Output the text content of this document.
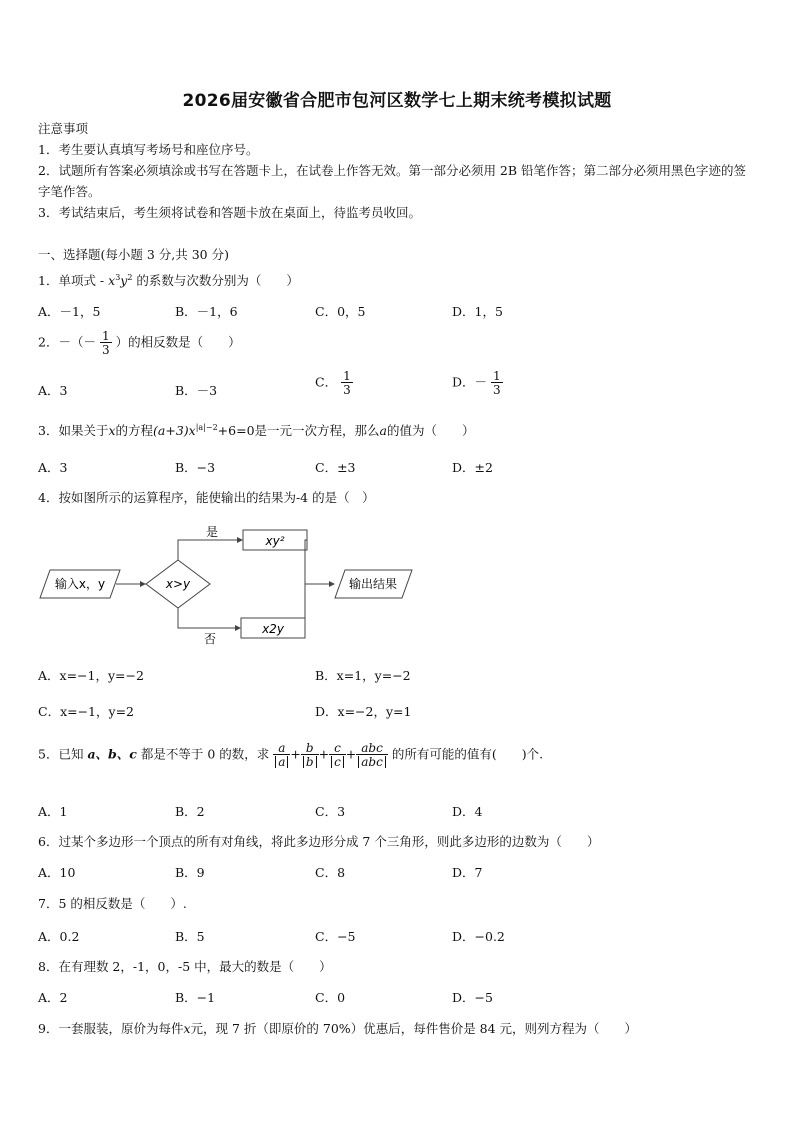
2026届安徽省合肥市包河区数学七上期末统考模拟试题
注意事项
1．考生要认真填写考场号和座位序号。
2．试题所有答案必须填涂或书写在答题卡上，在试卷上作答无效。第一部分必须用 2B 铅笔作答；第二部分必须用黑色字迹的签字笔作答。
3．考试结束后，考生须将试卷和答题卡放在桌面上，待监考员收回。
一、选择题(每小题 3 分,共 30 分)
1．单项式 - $x^3y^2$ 的系数与次数分别为（　　）
A．－1，5	B．－1，6	C．0，5	D．1，5
2．－（－ $\frac{1}{3}$ ）的相反数是（　　）
A．3	B．－3
C． $\frac{1}{3}$	D．－ $\frac{1}{3}$
3．如果关于x的方程$(a+3)x^{|a|-2}+6=0$是一元一次方程，那么a的值为（　　）
A．3	B．−3	C．±3	D．±2
4．按如图所示的运算程序，能使输出的结果为-4 的是（　）
输入x，y	x>y
是
xy²
否
x2y
输出结果
A．x=−1，y=−2	B．x=1，y=−2
C．x=−1，y=2	D．x=−2，y=1
5．已知 a、b、c 都是不等于 0 的数，求 $\frac{a}{a} + \frac{b}{b} + \frac{c}{c} + \frac{\text{abc}}{\text{abc}}$ 的所有可能的值有(　　)个.
A．1	B．2	C．3	D．4
6．过某个多边形一个顶点的所有对角线，将此多边形分成 7 个三角形，则此多边形的边数为（　　）
A．10	B．9	C．8	D．7
7．5 的相反数是（　　）.
A．0.2	B．5	C．−5	D．−0.2
8．在有理数 2，-1，0，-5 中，最大的数是（　　）
A．2	B．−1	C．0	D．−5
9．一套服装，原价为每件x元，现 7 折（即原价的 70%）优惠后，每件售价是 84 元，则列方程为（　　）
